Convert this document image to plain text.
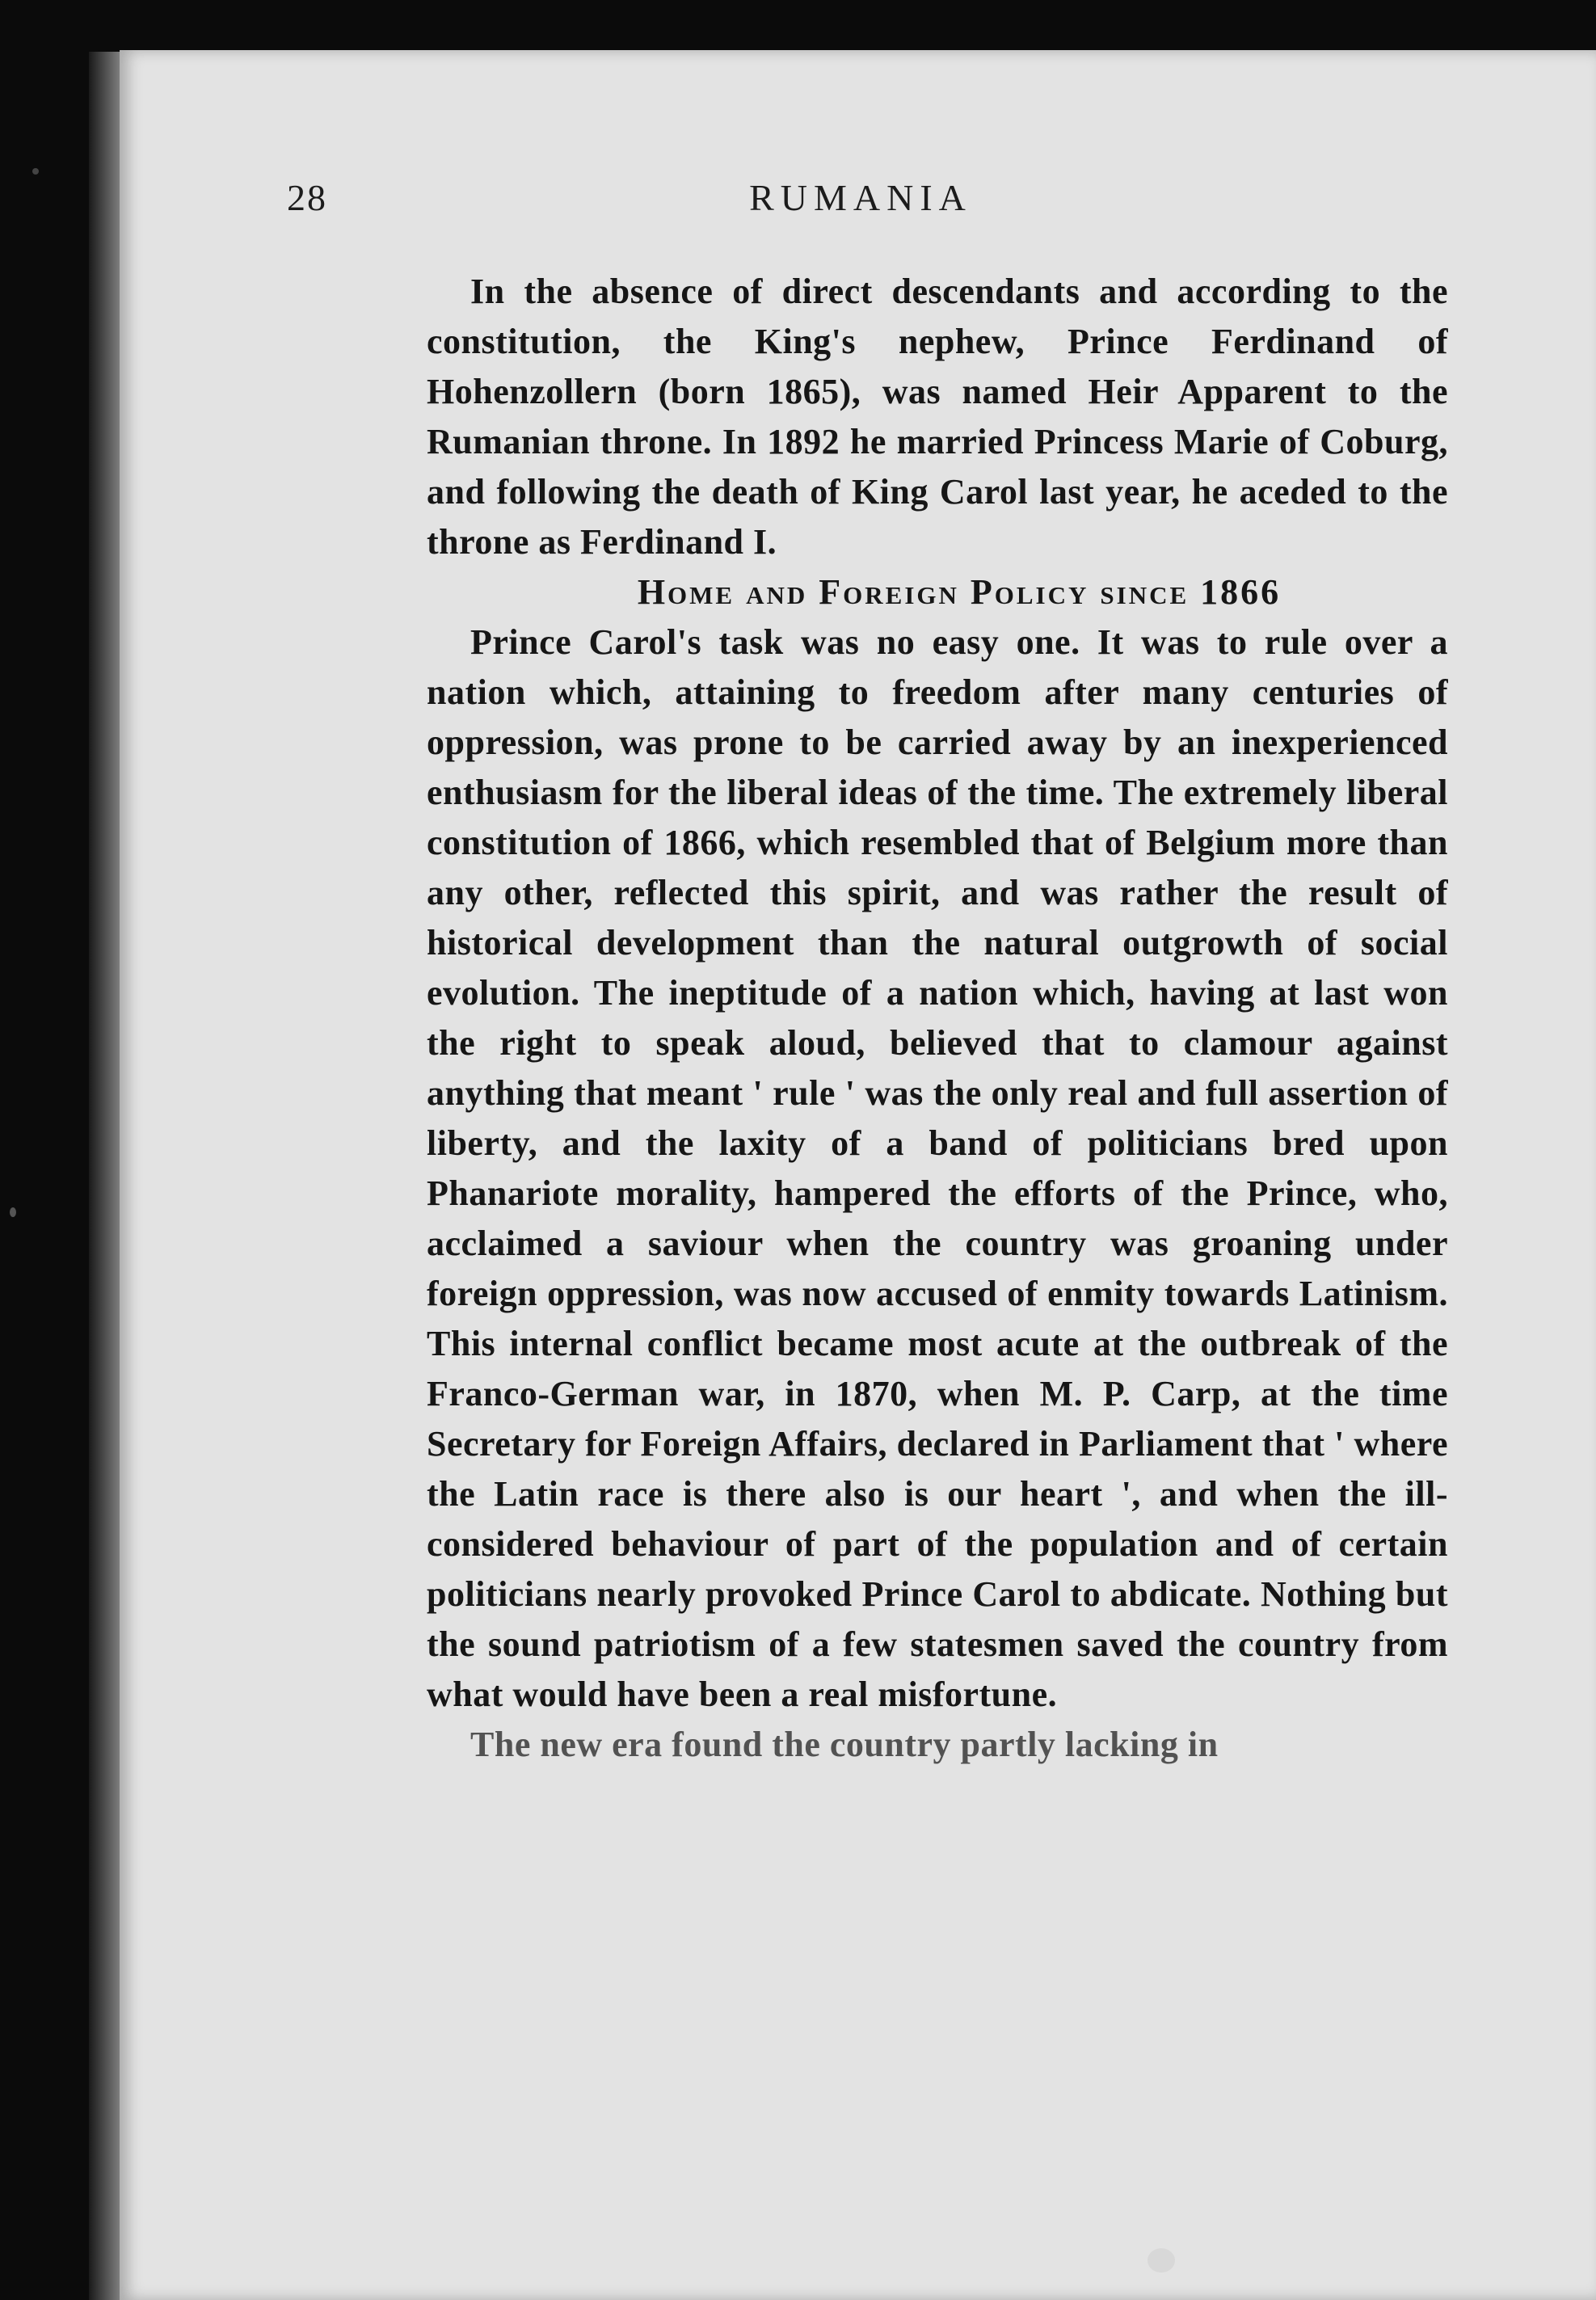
28	RUMANIA

In the absence of direct descendants and according to the constitution, the King's nephew, Prince Ferdinand of Hohenzollern (born 1865), was named Heir Apparent to the Rumanian throne. In 1892 he married Princess Marie of Coburg, and following the death of King Carol last year, he aceded to the throne as Ferdinand I.

Home and Foreign Policy since 1866

Prince Carol's task was no easy one. It was to rule over a nation which, attaining to freedom after many centuries of oppression, was prone to be carried away by an inexperienced enthusiasm for the liberal ideas of the time. The extremely liberal constitution of 1866, which resembled that of Belgium more than any other, reflected this spirit, and was rather the result of historical development than the natural outgrowth of social evolution. The ineptitude of a nation which, having at last won the right to speak aloud, believed that to clamour against anything that meant ' rule ' was the only real and full assertion of liberty, and the laxity of a band of politicians bred upon Phanariote morality, hampered the efforts of the Prince, who, acclaimed a saviour when the country was groaning under foreign oppression, was now accused of enmity towards Latinism. This internal conflict became most acute at the outbreak of the Franco-German war, in 1870, when M. P. Carp, at the time Secretary for Foreign Affairs, declared in Parliament that ' where the Latin race is there also is our heart ', and when the ill-considered behaviour of part of the population and of certain politicians nearly provoked Prince Carol to abdicate. Nothing but the sound patriotism of a few statesmen saved the country from what would have been a real misfortune.

The new era found the country partly lacking in
